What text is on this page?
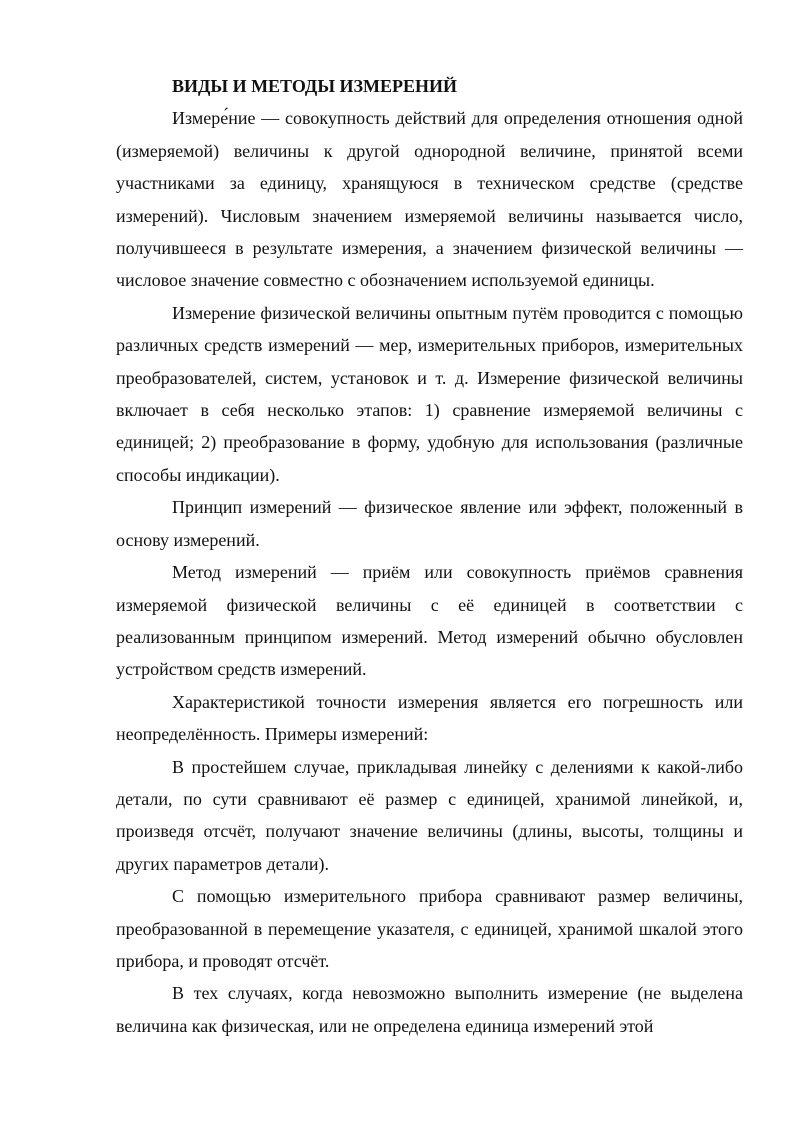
ВИДЫ И МЕТОДЫ ИЗМЕРЕНИЙ

Измере́ние — совокупность действий для определения отношения одной (измеряемой) величины к другой однородной величине, принятой всеми участниками за единицу, хранящуюся в техническом средстве (средстве измерений). Числовым значением измеряемой величины называется число, получившееся в результате измерения, а значением физической величины — числовое значение совместно с обозначением используемой единицы.

Измерение физической величины опытным путём проводится с помощью различных средств измерений — мер, измерительных приборов, измерительных преобразователей, систем, установок и т. д. Измерение физической величины включает в себя несколько этапов: 1) сравнение измеряемой величины с единицей; 2) преобразование в форму, удобную для использования (различные способы индикации).

Принцип измерений — физическое явление или эффект, положенный в основу измерений.

Метод измерений — приём или совокупность приёмов сравнения измеряемой физической величины с её единицей в соответствии с реализованным принципом измерений. Метод измерений обычно обусловлен устройством средств измерений.

Характеристикой точности измерения является его погрешность или неопределённость. Примеры измерений:

В простейшем случае, прикладывая линейку с делениями к какой-либо детали, по сути сравнивают её размер с единицей, хранимой линейкой, и, произведя отсчёт, получают значение величины (длины, высоты, толщины и других параметров детали).

С помощью измерительного прибора сравнивают размер величины, преобразованной в перемещение указателя, с единицей, хранимой шкалой этого прибора, и проводят отсчёт.

В тех случаях, когда невозможно выполнить измерение (не выделена величина как физическая, или не определена единица измерений этой
